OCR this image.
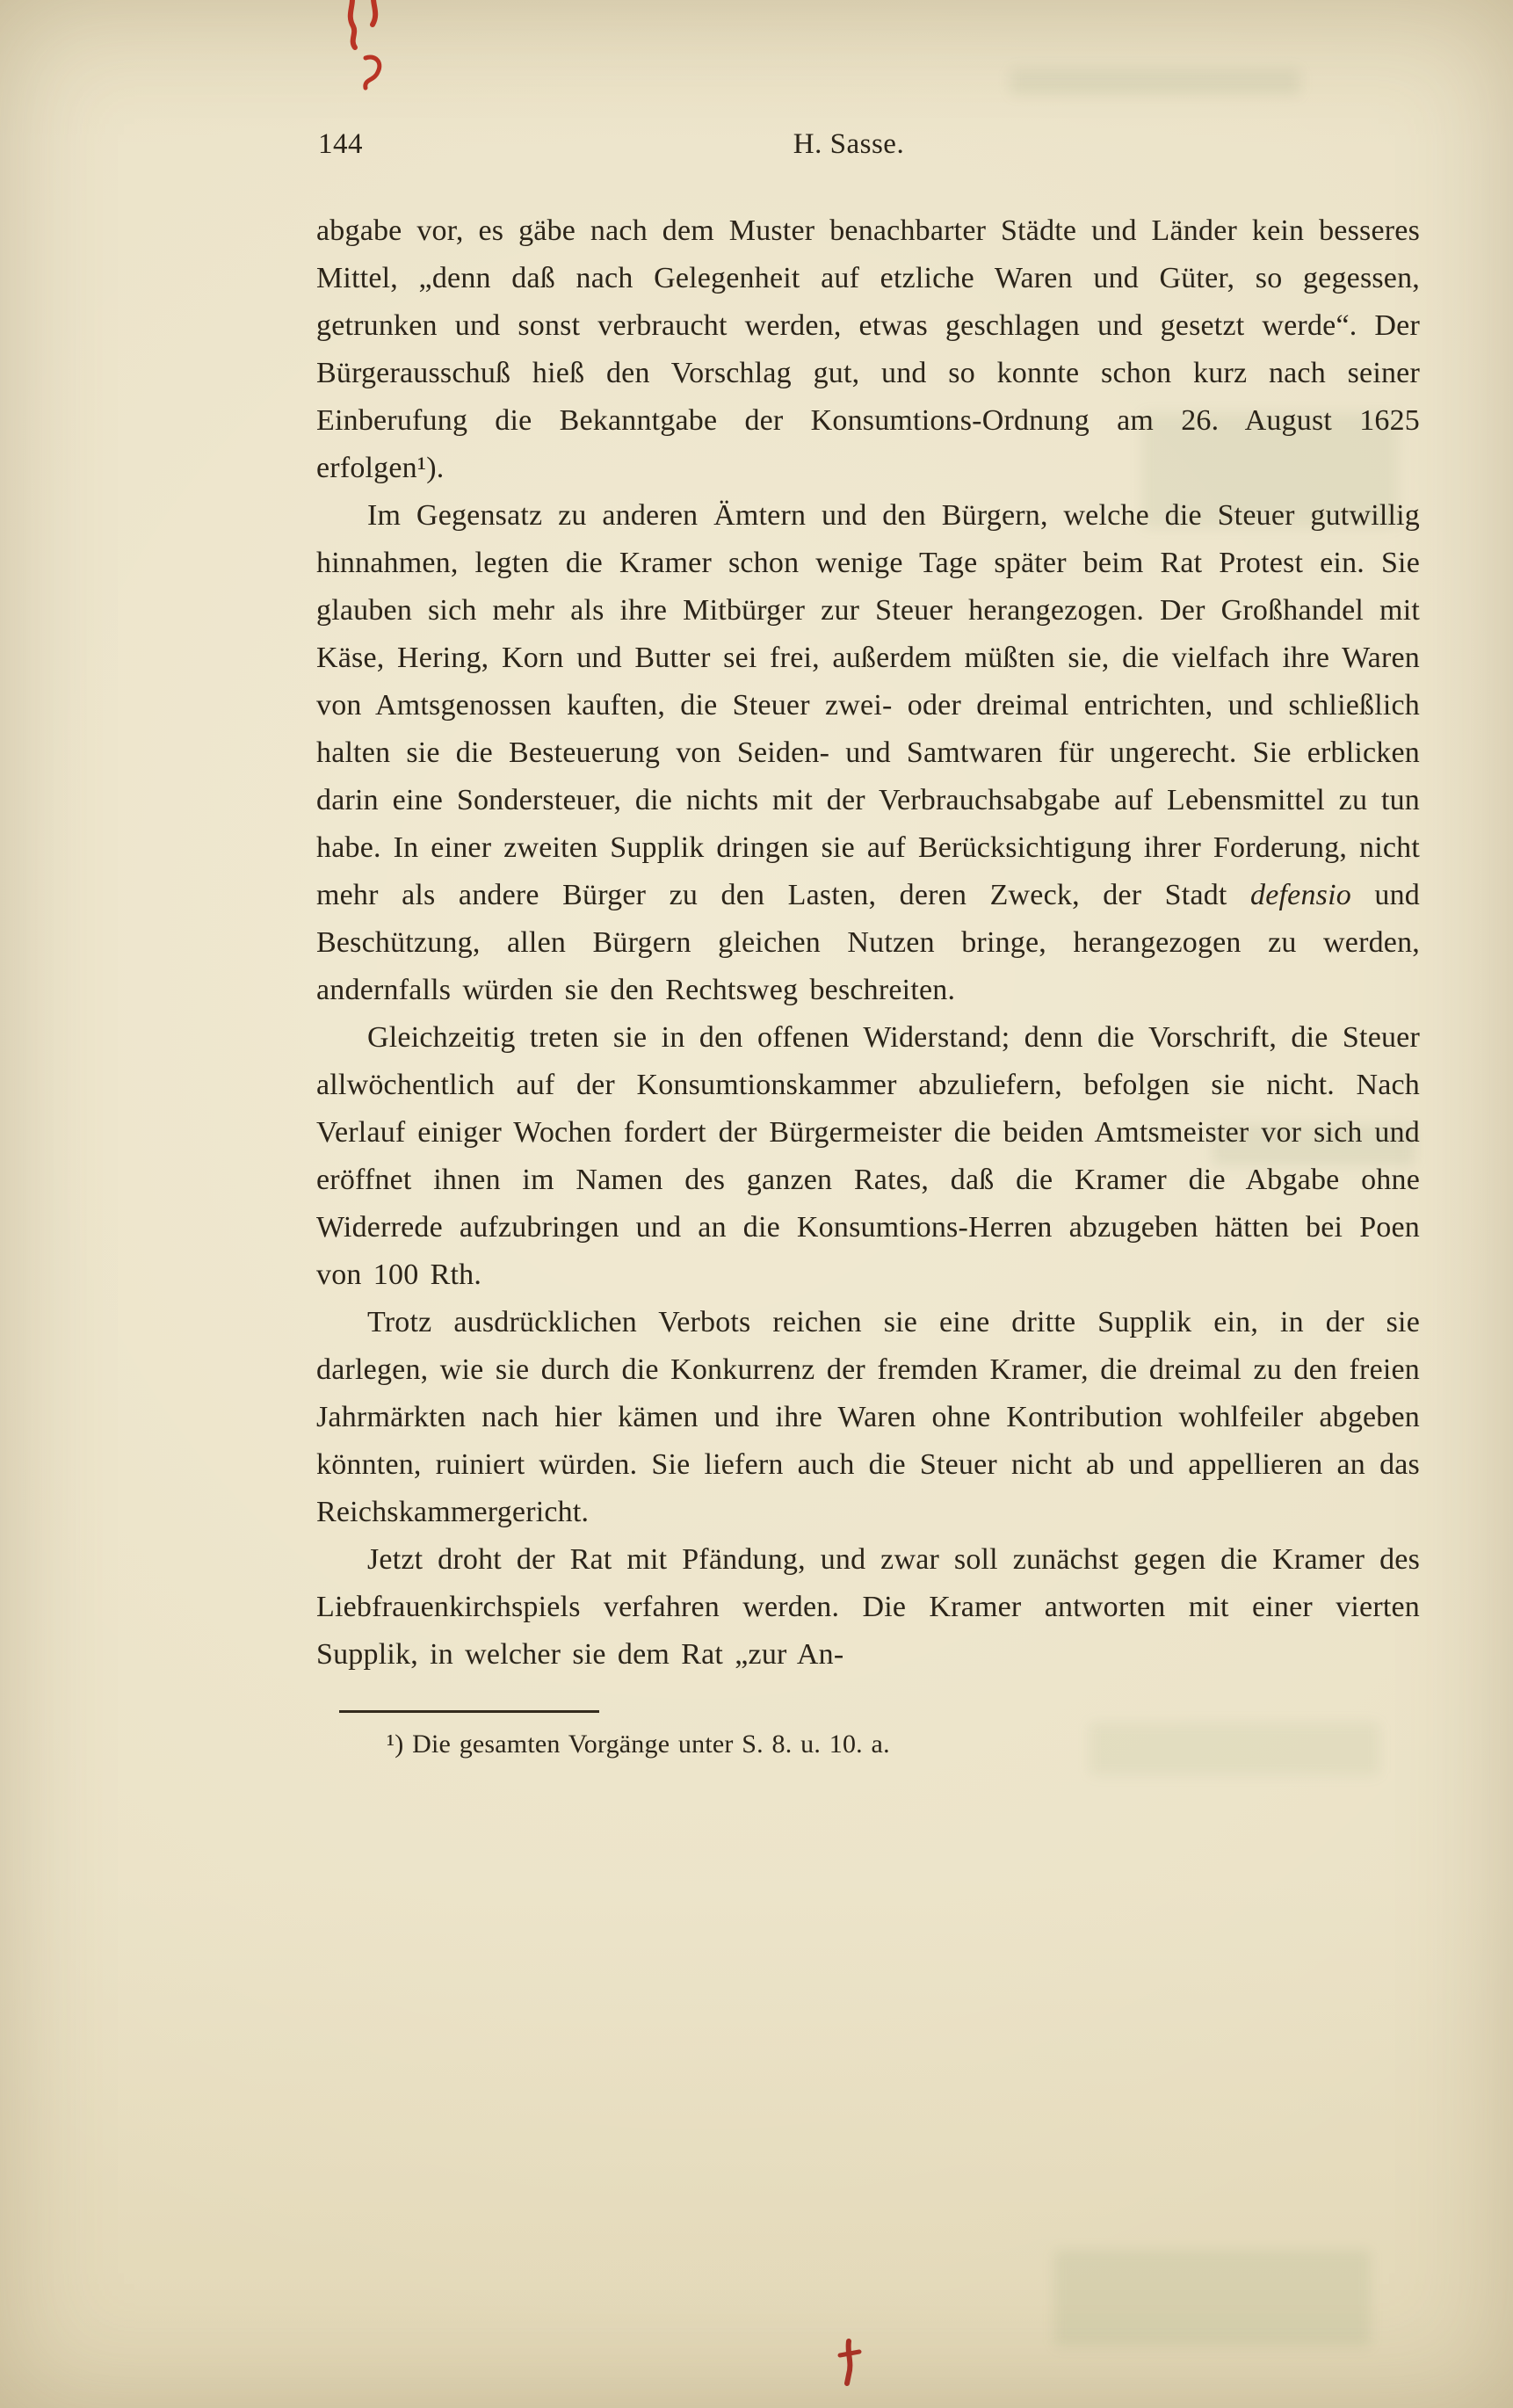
144	H. Sasse.

abgabe vor, es gäbe nach dem Muster benachbarter Städte und Länder kein besseres Mittel, „denn daß nach Gelegenheit auf etzliche Waren und Güter, so gegessen, getrunken und sonst verbraucht werden, etwas geschlagen und gesetzt werde“. Der Bürgerausschuß hieß den Vorschlag gut, und so konnte schon kurz nach seiner Einberufung die Bekanntgabe der Konsumtions-Ordnung am 26. August 1625 erfolgen¹).

Im Gegensatz zu anderen Ämtern und den Bürgern, welche die Steuer gutwillig hinnahmen, legten die Kramer schon wenige Tage später beim Rat Protest ein. Sie glauben sich mehr als ihre Mitbürger zur Steuer herangezogen. Der Großhandel mit Käse, Hering, Korn und Butter sei frei, außerdem müßten sie, die vielfach ihre Waren von Amtsgenossen kauften, die Steuer zwei- oder dreimal entrichten, und schließlich halten sie die Besteuerung von Seiden- und Samtwaren für ungerecht. Sie erblicken darin eine Sondersteuer, die nichts mit der Verbrauchsabgabe auf Lebensmittel zu tun habe. In einer zweiten Supplik dringen sie auf Berücksichtigung ihrer Forderung, nicht mehr als andere Bürger zu den Lasten, deren Zweck, der Stadt defensio und Beschützung, allen Bürgern gleichen Nutzen bringe, herangezogen zu werden, andernfalls würden sie den Rechtsweg beschreiten.

Gleichzeitig treten sie in den offenen Widerstand; denn die Vorschrift, die Steuer allwöchentlich auf der Konsumtionskammer abzuliefern, befolgen sie nicht. Nach Verlauf einiger Wochen fordert der Bürgermeister die beiden Amtsmeister vor sich und eröffnet ihnen im Namen des ganzen Rates, daß die Kramer die Abgabe ohne Widerrede aufzubringen und an die Konsumtions-Herren abzugeben hätten bei Poen von 100 Rth.

Trotz ausdrücklichen Verbots reichen sie eine dritte Supplik ein, in der sie darlegen, wie sie durch die Konkurrenz der fremden Kramer, die dreimal zu den freien Jahrmärkten nach hier kämen und ihre Waren ohne Kontribution wohlfeiler abgeben könnten, ruiniert würden. Sie liefern auch die Steuer nicht ab und appellieren an das Reichskammergericht.

Jetzt droht der Rat mit Pfändung, und zwar soll zunächst gegen die Kramer des Liebfrauenkirchspiels verfahren werden. Die Kramer antworten mit einer vierten Supplik, in welcher sie dem Rat „zur An-

¹) Die gesamten Vorgänge unter S. 8. u. 10. a.
